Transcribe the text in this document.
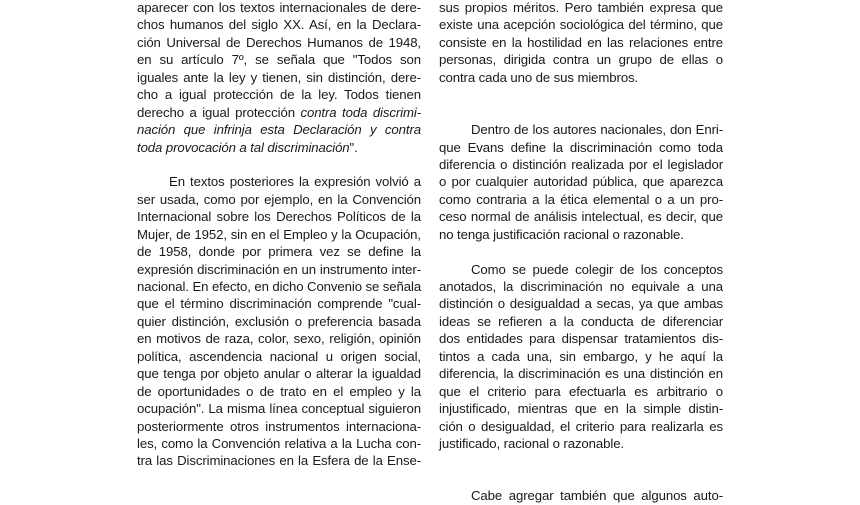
aparecer con los textos internacionales de dere-
chos humanos del siglo XX. Así, en la Declara-
ción Universal de Derechos Humanos de 1948,
en su artículo 7º, se señala que "Todos son
iguales ante la ley y tienen, sin distinción, dere-
cho a igual protección de la ley. Todos tienen
derecho a igual protección contra toda discrimi-
nación que infrinja esta Declaración y contra
toda provocación a tal discriminación".
En textos posteriores la expresión volvió a
ser usada, como por ejemplo, en la Convención
Internacional sobre los Derechos Políticos de la
Mujer, de 1952, sin en el Empleo y la Ocupación,
de 1958, donde por primera vez se define la
expresión discriminación en un instrumento inter-
nacional. En efecto, en dicho Convenio se señala
que el término discriminación comprende "cual-
quier distinción, exclusión o preferencia basada
en motivos de raza, color, sexo, religión, opinión
política, ascendencia nacional u origen social,
que tenga por objeto anular o alterar la igualdad
de oportunidades o de trato en el empleo y la
ocupación". La misma línea conceptual siguieron
posteriormente otros instrumentos internaciona-
les, como la Convención relativa a la Lucha con-
tra las Discriminaciones en la Esfera de la Ense-
sus propios méritos. Pero también expresa que
existe una acepción sociológica del término, que
consiste en la hostilidad en las relaciones entre
personas, dirigida contra un grupo de ellas o
contra cada uno de sus miembros.
Dentro de los autores nacionales, don Enri-
que Evans define la discriminación como toda
diferencia o distinción realizada por el legislador
o por cualquier autoridad pública, que aparezca
como contraria a la ética elemental o a un pro-
ceso normal de análisis intelectual, es decir, que
no tenga justificación racional o razonable.
Como se puede colegir de los conceptos
anotados, la discriminación no equivale a una
distinción o desigualdad a secas, ya que ambas
ideas se refieren a la conducta de diferenciar
dos entidades para dispensar tratamientos dis-
tintos a cada una, sin embargo, y he aquí la
diferencia, la discriminación es una distinción en
que el criterio para efectuarla es arbitrario o
injustificado, mientras que en la simple distin-
ción o desigualdad, el criterio para realizarla es
justificado, racional o razonable.
Cabe agregar también que algunos auto-
